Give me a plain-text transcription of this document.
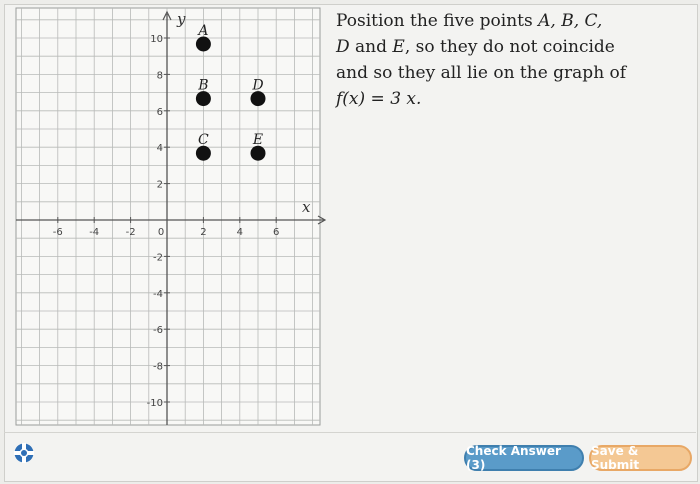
x
y
-6	-4	-2 0	2	4	6
10
8
6
4
2
-2
-4
-6
-8
-10
A
B
C
D
E
Position the five points A, B, C,
D and E, so they do not coincide
and so they all lie on the graph of
f(x) = 3 x.
Check Answer (3)
Save & Submit
